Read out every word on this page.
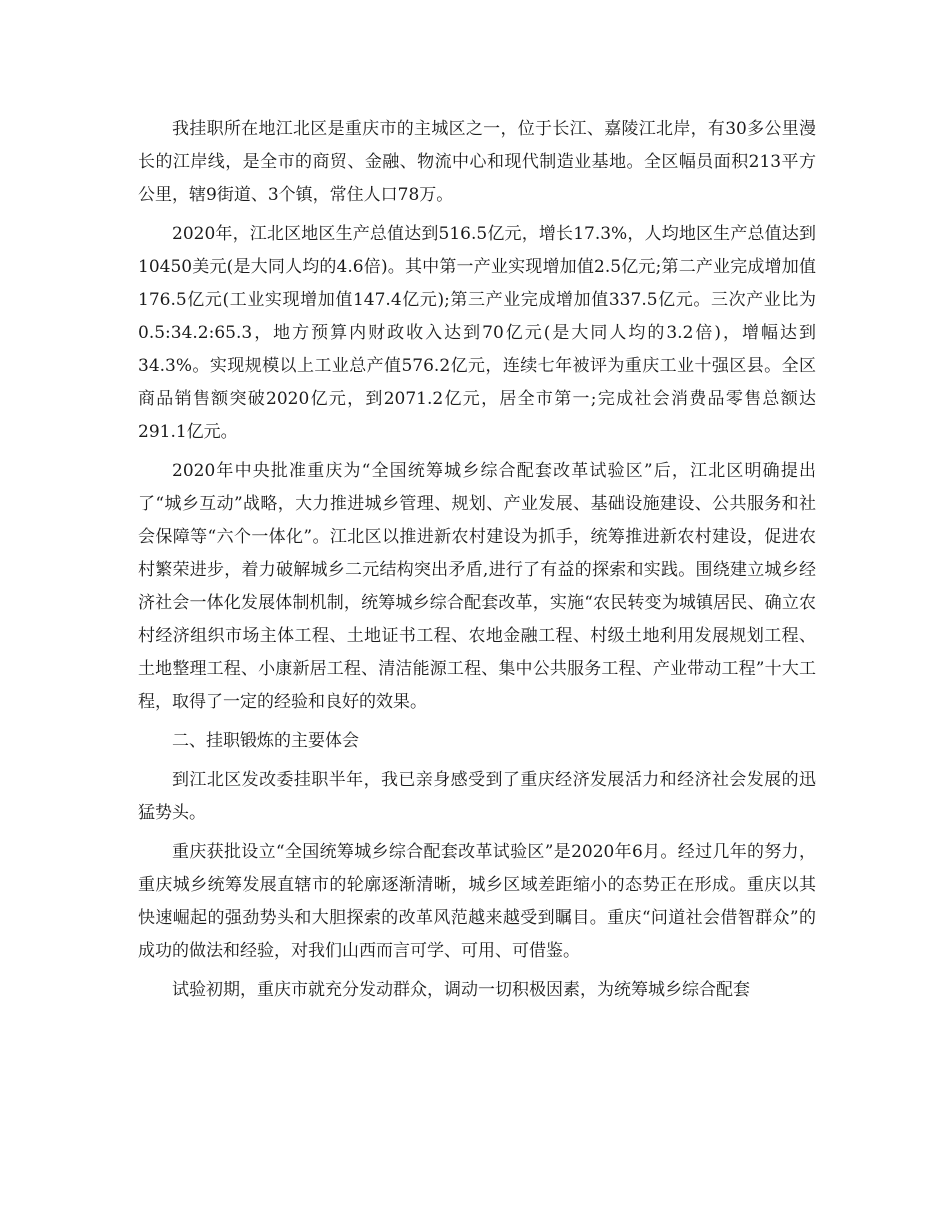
我挂职所在地江北区是重庆市的主城区之一，位于长江、嘉陵江北岸，有30多公里漫长的江岸线，是全市的商贸、金融、物流中心和现代制造业基地。全区幅员面积213平方公里，辖9街道、3个镇，常住人口78万。

2020年，江北区地区生产总值达到516.5亿元，增长17.3%，人均地区生产总值达到10450美元(是大同人均的4.6倍)。其中第一产业实现增加值2.5亿元;第二产业完成增加值176.5亿元(工业实现增加值147.4亿元);第三产业完成增加值337.5亿元。三次产业比为0.5:34.2:65.3，地方预算内财政收入达到70亿元(是大同人均的3.2倍)，增幅达到34.3%。实现规模以上工业总产值576.2亿元，连续七年被评为重庆工业十强区县。全区商品销售额突破2020亿元，到2071.2亿元，居全市第一;完成社会消费品零售总额达291.1亿元。

2020年中央批准重庆为“全国统筹城乡综合配套改革试验区”后，江北区明确提出了“城乡互动”战略，大力推进城乡管理、规划、产业发展、基础设施建设、公共服务和社会保障等“六个一体化”。江北区以推进新农村建设为抓手，统筹推进新农村建设，促进农村繁荣进步，着力破解城乡二元结构突出矛盾,进行了有益的探索和实践。围绕建立城乡经济社会一体化发展体制机制，统筹城乡综合配套改革，实施“农民转变为城镇居民、确立农村经济组织市场主体工程、土地证书工程、农地金融工程、村级土地利用发展规划工程、土地整理工程、小康新居工程、清洁能源工程、集中公共服务工程、产业带动工程”十大工程，取得了一定的经验和良好的效果。

二、挂职锻炼的主要体会

到江北区发改委挂职半年，我已亲身感受到了重庆经济发展活力和经济社会发展的迅猛势头。

重庆获批设立“全国统筹城乡综合配套改革试验区”是2020年6月。经过几年的努力，重庆城乡统筹发展直辖市的轮廓逐渐清晰，城乡区域差距缩小的态势正在形成。重庆以其快速崛起的强劲势头和大胆探索的改革风范越来越受到瞩目。重庆“问道社会借智群众”的成功的做法和经验，对我们山西而言可学、可用、可借鉴。

试验初期，重庆市就充分发动群众，调动一切积极因素，为统筹城乡综合配套
